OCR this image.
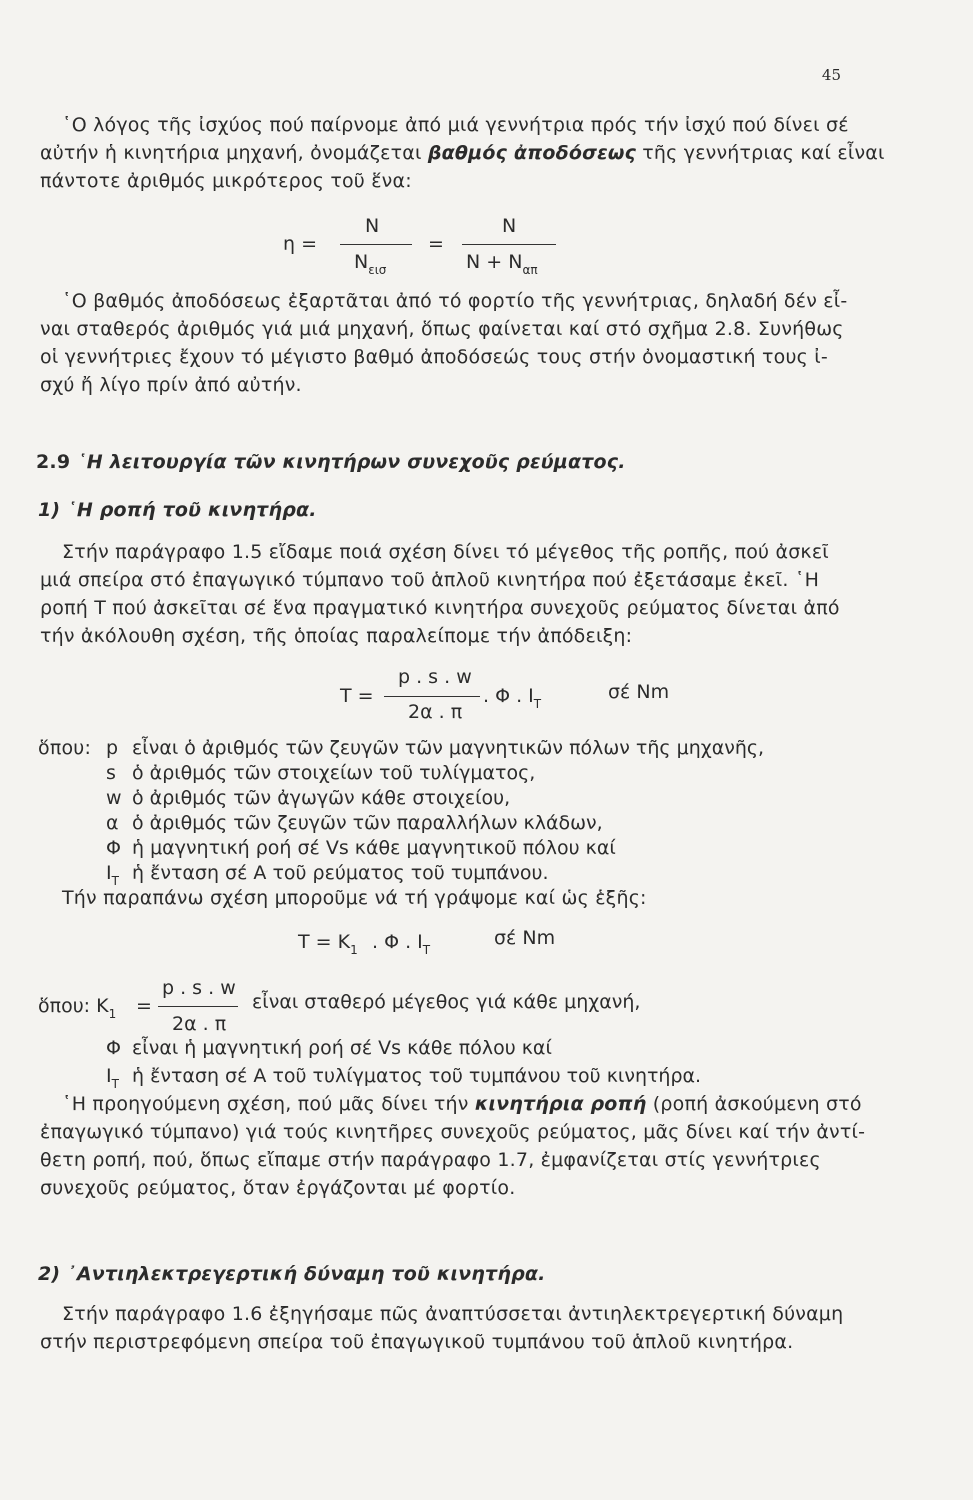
45
῾Ο λόγος τῆς ἰσχύος πού παίρνομε ἀπό μιά γεννήτρια πρός τήν ἰσχύ πού δίνει σέ
αὐτήν ἡ κινητήρια μηχανή, ὀνομάζεται βαθμός ἀποδόσεως τῆς γεννήτριας καί εἶναι
πάντοτε ἀριθμός μικρότερος τοῦ ἕνα:
η =
N
$N_{\varepsilon\iota\sigma}$
=
N
$N + N_{\alpha\pi}$
῾Ο βαθμός ἀποδόσεως ἐξαρτᾶται ἀπό τό φορτίο τῆς γεννήτριας, δηλαδή δέν εἶ-
ναι σταθερός ἀριθμός γιά μιά μηχανή, ὅπως φαίνεται καί στό σχῆμα 2.8. Συνήθως
οἱ γεννήτριες ἔχουν τό μέγιστο βαθμό ἀποδόσεώς τους στήν ὀνομαστική τους ἰ-
σχύ ἤ λίγο πρίν ἀπό αὐτήν.
2.9 ῾Η λειτουργία τῶν κινητήρων συνεχοῦς ρεύματος.
1) ῾Η ροπή τοῦ κινητήρα.
Στήν παράγραφο 1.5 εἴδαμε ποιά σχέση δίνει τό μέγεθος τῆς ροπῆς, πού ἀσκεῖ
μιά σπείρα στό ἐπαγωγικό τύμπανο τοῦ ἁπλοῦ κινητήρα πού ἐξετάσαμε ἐκεῖ. ῾Η
ροπή T πού ἀσκεῖται σέ ἕνα πραγματικό κινητήρα συνεχοῦς ρεύματος δίνεται ἀπό
τήν ἀκόλουθη σχέση, τῆς ὁποίας παραλείπομε τήν ἀπόδειξη:
T =
p . s . w
2α . π
. Φ . $I_T$
σέ Nm
ὅπου: p εἶναι ὁ ἀριθμός τῶν ζευγῶν τῶν μαγνητικῶν πόλων τῆς μηχανῆς,
s ὁ ἀριθμός τῶν στοιχείων τοῦ τυλίγματος,
w ὁ ἀριθμός τῶν ἀγωγῶν κάθε στοιχείου,
α ὁ ἀριθμός τῶν ζευγῶν τῶν παραλλήλων κλάδων,
Φ ἡ μαγνητική ροή σέ Vs κάθε μαγνητικοῦ πόλου καί
$I_T$ ἡ ἔνταση σέ A τοῦ ρεύματος τοῦ τυμπάνου.
Τήν παραπάνω σχέση μποροῦμε νά τή γράψομε καί ὡς ἑξῆς:
$T = K_1$ . Φ . $I_T$
σέ Nm
ὅπου: $K_1$ =
p . s . w
2α . π
εἶναι σταθερό μέγεθος γιά κάθε μηχανή,
Φ εἶναι ἡ μαγνητική ροή σέ Vs κάθε πόλου καί
$I_T$ ἡ ἔνταση σέ A τοῦ τυλίγματος τοῦ τυμπάνου τοῦ κινητήρα.
῾Η προηγούμενη σχέση, πού μᾶς δίνει τήν κινητήρια ροπή (ροπή ἀσκούμενη στό
ἐπαγωγικό τύμπανο) γιά τούς κινητῆρες συνεχοῦς ρεύματος, μᾶς δίνει καί τήν ἀντί-
θετη ροπή, πού, ὅπως εἴπαμε στήν παράγραφο 1.7, ἐμφανίζεται στίς γεννήτριες
συνεχοῦς ρεύματος, ὅταν ἐργάζονται μέ φορτίο.
2) ᾿Αντιηλεκτρεγερτική δύναμη τοῦ κινητήρα.
Στήν παράγραφο 1.6 ἐξηγήσαμε πῶς ἀναπτύσσεται ἀντιηλεκτρεγερτική δύναμη
στήν περιστρεφόμενη σπείρα τοῦ ἐπαγωγικοῦ τυμπάνου τοῦ ἁπλοῦ κινητήρα.
